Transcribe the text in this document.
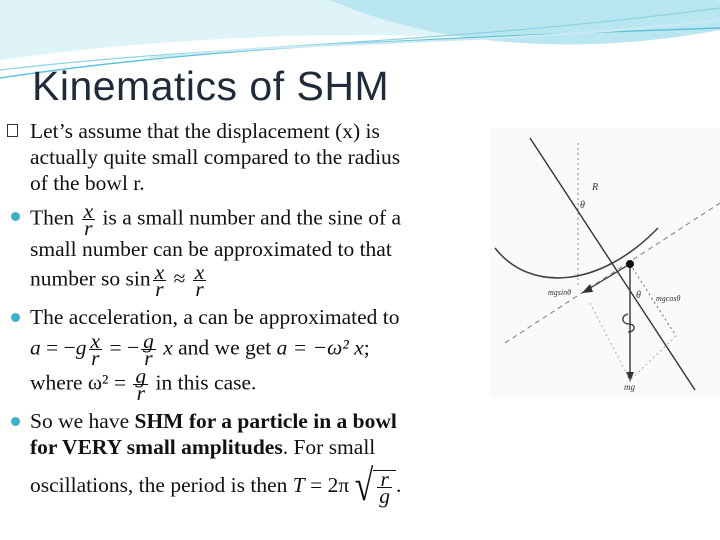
Kinematics of SHM
Let’s assume that the displacement (x) is
actually quite small compared to the radius
of the bowl r.
Then $\frac{x}{r}$ is a small number and the sine of a
small number can be approximated to that
number so $\sin \frac{x}{r} \approx \frac{x}{r}$
The acceleration, a can be approximated to
$a = -g \frac{x}{r}$ = − $\frac{g}{r}$ x and we get a = −ω² x;
where $\omega^2 = \frac{g}{r}$ in this case.
So we have SHM for a particle in a bowl
for VERY small amplitudes. For small
oscillations, the period is then T = 2π √ $\frac{r}{g}$ .
R
θ
θ
mgsinθ
mgcosθ
mg
